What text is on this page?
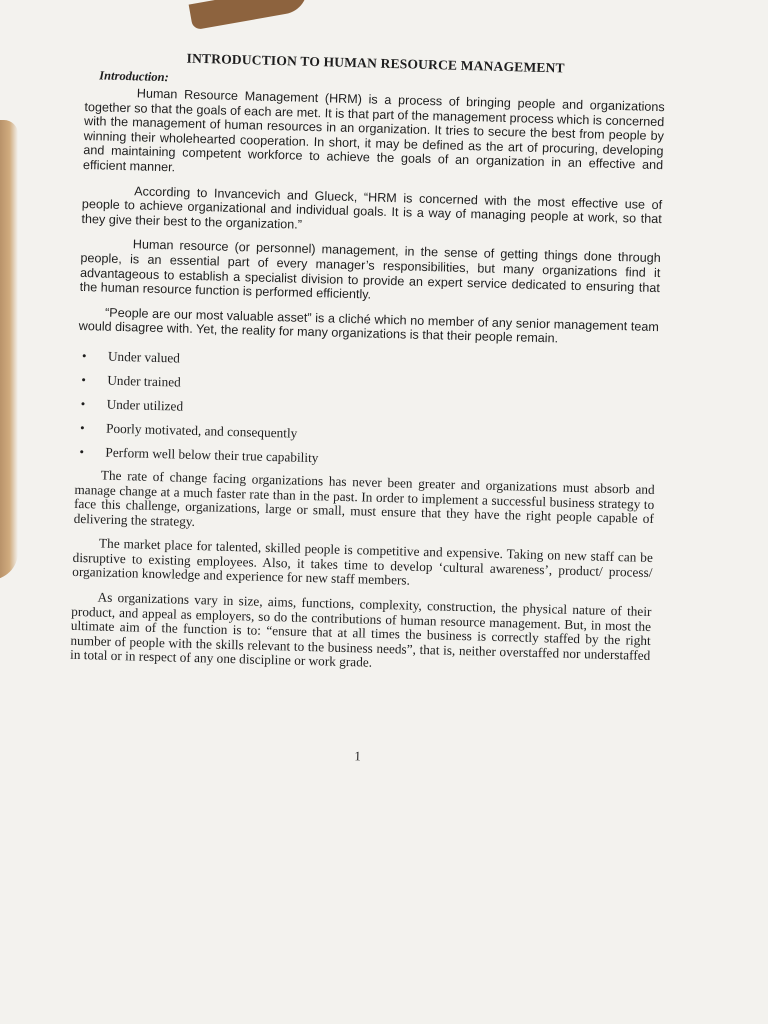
INTRODUCTION TO HUMAN RESOURCE MANAGEMENT
Introduction:

Human Resource Management (HRM) is a process of bringing people and organizations together so that the goals of each are met. It is that part of the management process which is concerned with the management of human resources in an organization. It tries to secure the best from people by winning their wholehearted cooperation. In short, it may be defined as the art of procuring, developing and maintaining competent workforce to achieve the goals of an organization in an effective and efficient manner.

According to Invancevich and Glueck, “HRM is concerned with the most effective use of people to achieve organizational and individual goals. It is a way of managing people at work, so that they give their best to the organization.”

Human resource (or personnel) management, in the sense of getting things done through people, is an essential part of every manager’s responsibilities, but many organizations find it advantageous to establish a specialist division to provide an expert service dedicated to ensuring that the human resource function is performed efficiently.

“People are our most valuable asset” is a cliché which no member of any senior management team would disagree with. Yet, the reality for many organizations is that their people remain.

• Under valued
• Under trained
• Under utilized
• Poorly motivated, and consequently
• Perform well below their true capability

The rate of change facing organizations has never been greater and organizations must absorb and manage change at a much faster rate than in the past. In order to implement a successful business strategy to face this challenge, organizations, large or small, must ensure that they have the right people capable of delivering the strategy.

The market place for talented, skilled people is competitive and expensive. Taking on new staff can be disruptive to existing employees. Also, it takes time to develop ‘cultural awareness’, product/ process/ organization knowledge and experience for new staff members.

As organizations vary in size, aims, functions, complexity, construction, the physical nature of their product, and appeal as employers, so do the contributions of human resource management. But, in most the ultimate aim of the function is to: “ensure that at all times the business is correctly staffed by the right number of people with the skills relevant to the business needs”, that is, neither overstaffed nor understaffed in total or in respect of any one discipline or work grade.

1
